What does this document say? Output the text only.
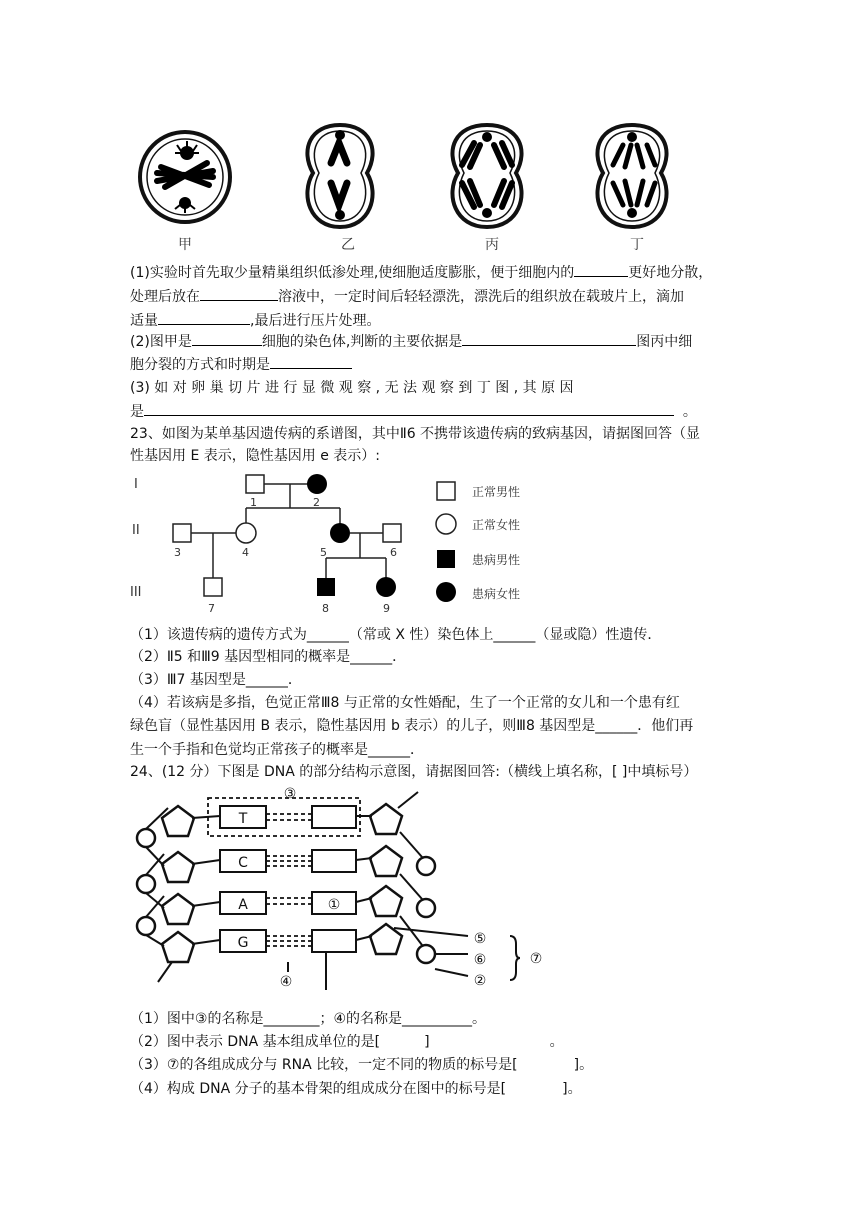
甲	乙	丙	丁
(1)实验时首先取少量精巢组织低渗处理,使细胞适度膨胀，便于细胞内的	更好地分散，
处理后放在	溶液中，一定时间后轻轻漂洗，漂洗后的组织放在载玻片上，滴加
适量	,最后进行压片处理。
(2)图甲是	细胞的染色体,判断的主要依据是	图丙中细
胞分裂的方式和时期是
(3) 如 对 卵 巢 切 片 进 行 显 微 观 察 , 无 法 观 察 到 丁 图 , 其 原 因
是	。
23、如图为某单基因遗传病的系谱图，其中Ⅱ6 不携带该遗传病的致病基因，请据图回答（显
性基因用 E 表示，隐性基因用 e 表示）:
I
II
III
1	2
3	4	5	6
7	8	9
正常男性
正常女性
患病男性
患病女性
（1）该遗传病的遗传方式为______（常或 X 性）染色体上______（显或隐）性遗传．
（2）Ⅱ5 和Ⅲ9 基因型相同的概率是______．
（3）Ⅲ7 基因型是______．
（4）若该病是多指，色觉正常Ⅲ8 与正常的女性婚配，生了一个正常的女儿和一个患有红
绿色盲（显性基因用 B 表示，隐性基因用 b 表示）的儿子，则Ⅲ8 基因型是______．他们再
生一个手指和色觉均正常孩子的概率是______．
24、(12 分）下图是 DNA 的部分结构示意图，请据图回答:（横线上填名称，[ ]中填标号）
T
C
A
G
③
①
④
⑤
⑥
②
⑦
（1）图中③的名称是________；④的名称是__________。
（2）图中表示 DNA 基本组成单位的是[	]	。
（3）⑦的各组成成分与 RNA 比较，一定不同的物质的标号是[	]。
（4）构成 DNA 分子的基本骨架的组成成分在图中的标号是[	]。
